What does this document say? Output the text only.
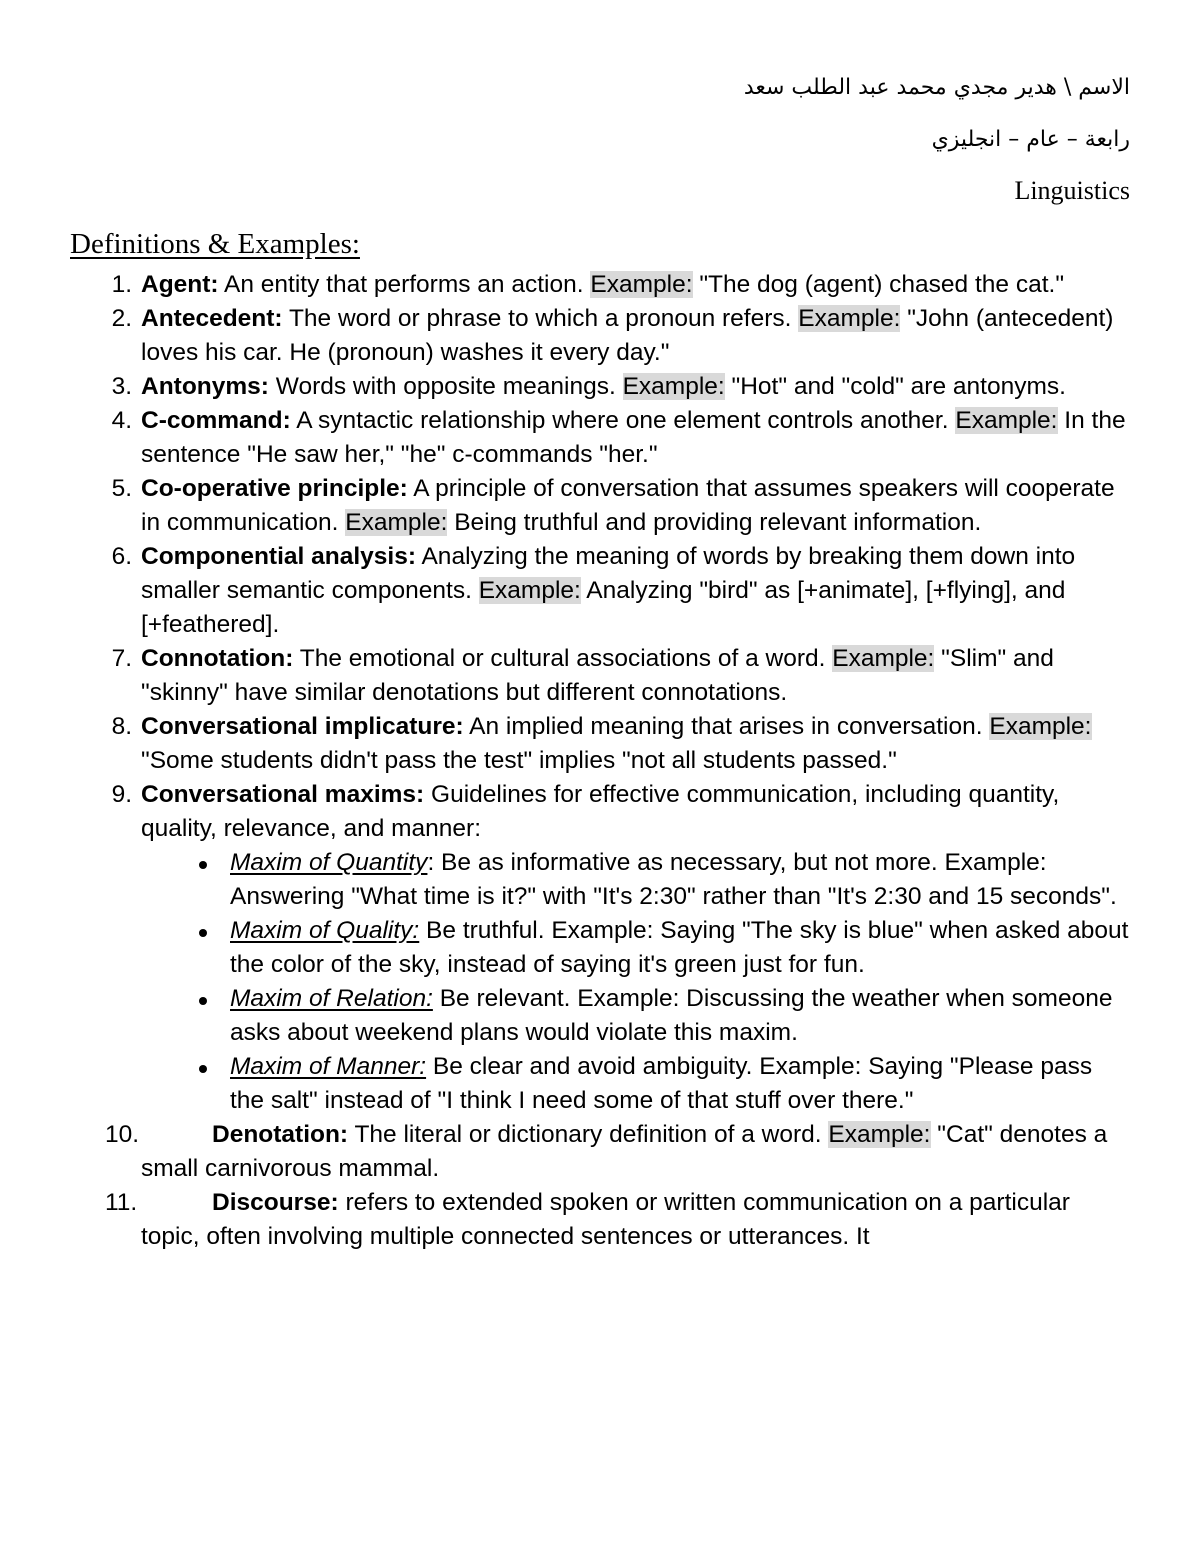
الاسم \ هدير مجدي محمد عبد الطلب سعد
رابعة – عام – انجليزي
Linguistics
Definitions & Examples:
1. Agent: An entity that performs an action. Example: "The dog (agent) chased the cat."
2. Antecedent: The word or phrase to which a pronoun refers. Example: "John (antecedent) loves his car. He (pronoun) washes it every day."
3. Antonyms: Words with opposite meanings. Example: "Hot" and "cold" are antonyms.
4. C-command: A syntactic relationship where one element controls another. Example: In the sentence "He saw her," "he" c-commands "her."
5. Co-operative principle: A principle of conversation that assumes speakers will cooperate in communication. Example: Being truthful and providing relevant information.
6. Componential analysis: Analyzing the meaning of words by breaking them down into smaller semantic components. Example: Analyzing "bird" as [+animate], [+flying], and [+feathered].
7. Connotation: The emotional or cultural associations of a word. Example: "Slim" and "skinny" have similar denotations but different connotations.
8. Conversational implicature: An implied meaning that arises in conversation. Example: "Some students didn't pass the test" implies "not all students passed."
9. Conversational maxims: Guidelines for effective communication, including quantity, quality, relevance, and manner:
Maxim of Quantity: Be as informative as necessary, but not more. Example: Answering "What time is it?" with "It's 2:30" rather than "It's 2:30 and 15 seconds".
Maxim of Quality: Be truthful. Example: Saying "The sky is blue" when asked about the color of the sky, instead of saying it's green just for fun.
Maxim of Relation: Be relevant. Example: Discussing the weather when someone asks about weekend plans would violate this maxim.
Maxim of Manner: Be clear and avoid ambiguity. Example: Saying "Please pass the salt" instead of "I think I need some of that stuff over there."
10.	Denotation: The literal or dictionary definition of a word. Example: "Cat" denotes a small carnivorous mammal.
11.	Discourse: refers to extended spoken or written communication on a particular topic, often involving multiple connected sentences or utterances. It
